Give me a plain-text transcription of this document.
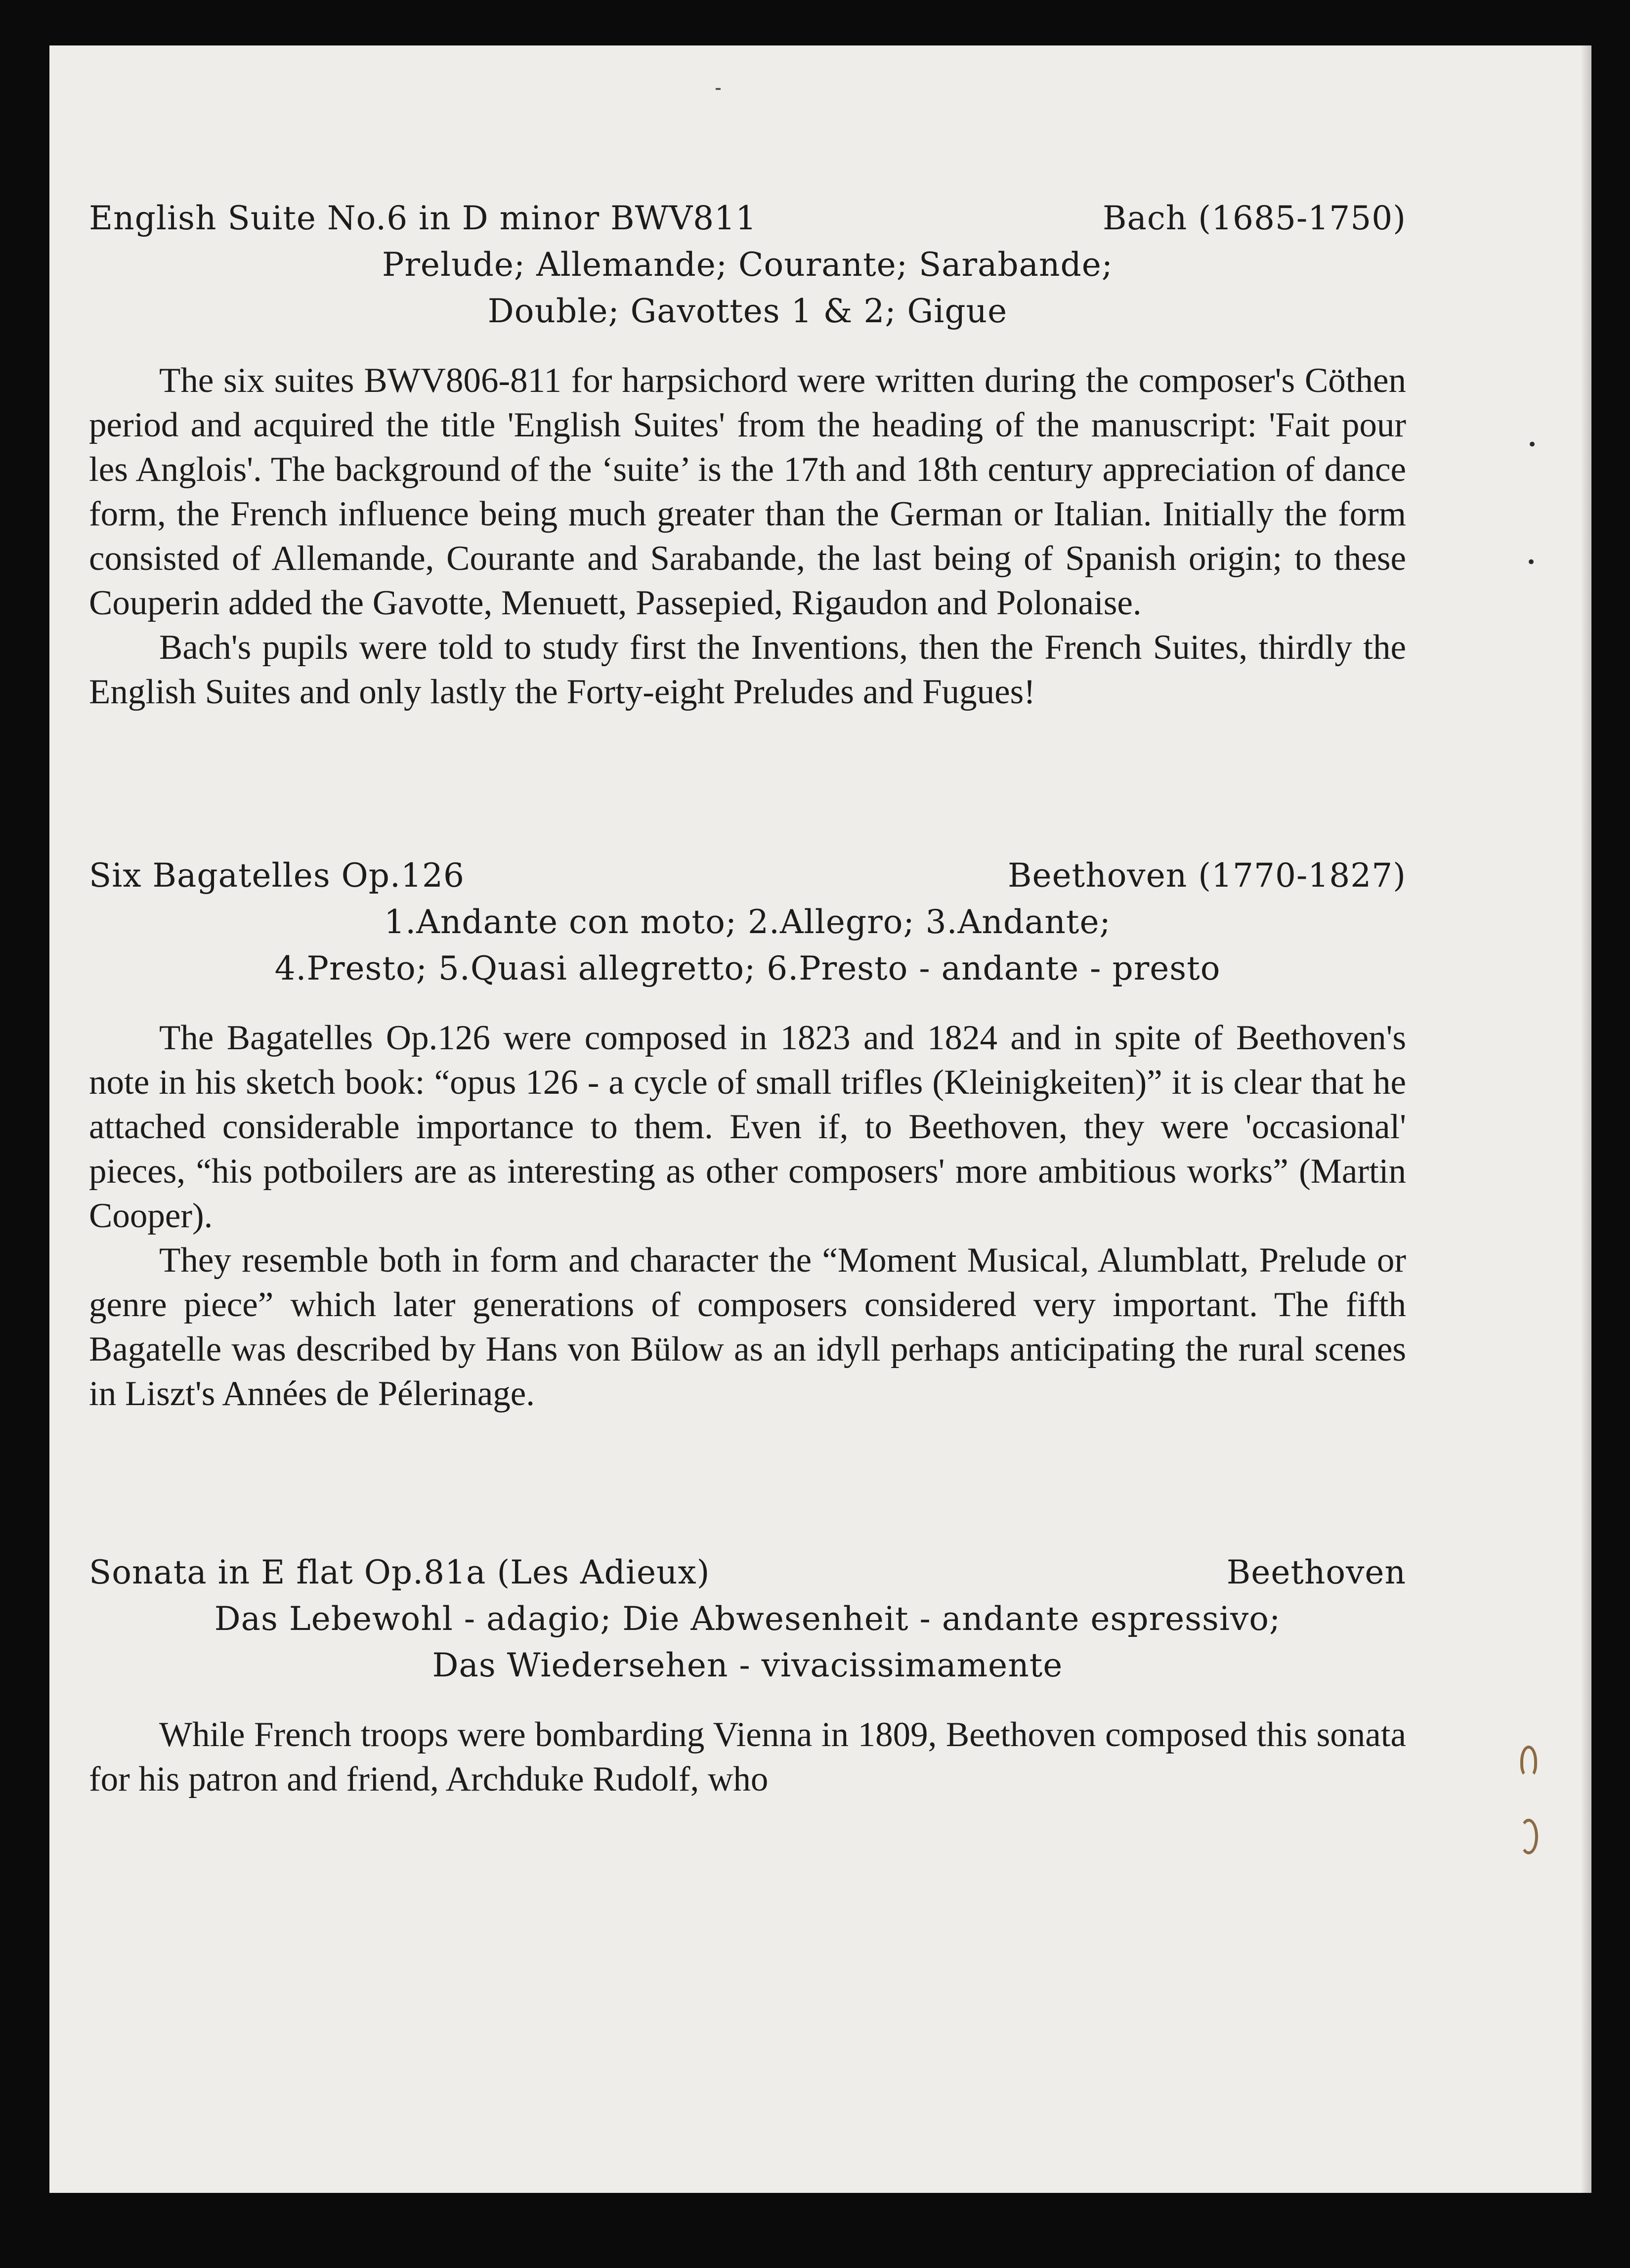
•
•
English Suite No.6 in D minor BWV811	Bach (1685-1750)
Prelude; Allemande; Courante; Sarabande;
Double; Gavottes 1 & 2; Gigue

The six suites BWV806-811 for harpsichord were written during the composer's Cöthen period and acquired the title 'English Suites' from the heading of the manuscript: 'Fait pour les Anglois'. The background of the ‘suite’ is the 17th and 18th century appreciation of dance form, the French influence being much greater than the German or Italian. Initially the form consisted of Allemande, Courante and Sarabande, the last being of Spanish origin; to these Couperin added the Gavotte, Menuett, Passepied, Rigaudon and Polonaise.

Bach's pupils were told to study first the Inventions, then the French Suites, thirdly the English Suites and only lastly the Forty-eight Preludes and Fugues!

Six Bagatelles Op.126	Beethoven (1770-1827)
1.Andante con moto; 2.Allegro; 3.Andante;
4.Presto; 5.Quasi allegretto; 6.Presto - andante - presto

The Bagatelles Op.126 were composed in 1823 and 1824 and in spite of Beethoven's note in his sketch book: “opus 126 - a cycle of small trifles (Kleinigkeiten)” it is clear that he attached considerable importance to them. Even if, to Beethoven, they were 'occasional' pieces, “his potboilers are as interesting as other composers' more ambitious works” (Martin Cooper).

They resemble both in form and character the “Moment Musical, Alumblatt, Prelude or genre piece” which later generations of composers considered very important. The fifth Bagatelle was described by Hans von Bülow as an idyll perhaps anticipating the rural scenes in Liszt's Années de Pélerinage.

Sonata in E flat Op.81a (Les Adieux)	Beethoven
Das Lebewohl - adagio; Die Abwesenheit - andante espressivo;
Das Wiedersehen - vivacissimamente

While French troops were bombarding Vienna in 1809, Beethoven composed this sonata for his patron and friend, Archduke Rudolf, who
